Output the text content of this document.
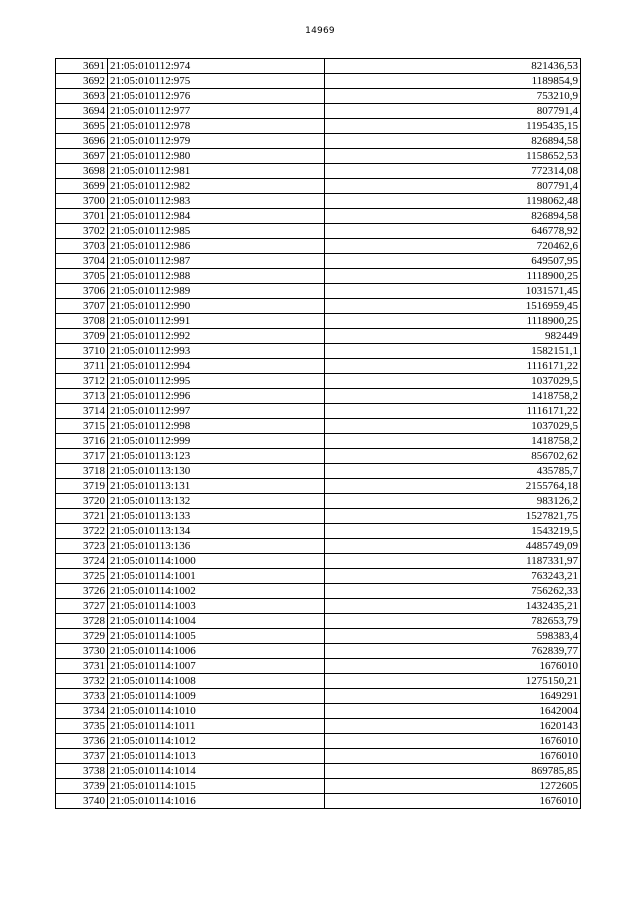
14969
3691	21:05:010112:974	821436,53
3692	21:05:010112:975	1189854,9
3693	21:05:010112:976	753210,9
3694	21:05:010112:977	807791,4
3695	21:05:010112:978	1195435,15
3696	21:05:010112:979	826894,58
3697	21:05:010112:980	1158652,53
3698	21:05:010112:981	772314,08
3699	21:05:010112:982	807791,4
3700	21:05:010112:983	1198062,48
3701	21:05:010112:984	826894,58
3702	21:05:010112:985	646778,92
3703	21:05:010112:986	720462,6
3704	21:05:010112:987	649507,95
3705	21:05:010112:988	1118900,25
3706	21:05:010112:989	1031571,45
3707	21:05:010112:990	1516959,45
3708	21:05:010112:991	1118900,25
3709	21:05:010112:992	982449
3710	21:05:010112:993	1582151,1
3711	21:05:010112:994	1116171,22
3712	21:05:010112:995	1037029,5
3713	21:05:010112:996	1418758,2
3714	21:05:010112:997	1116171,22
3715	21:05:010112:998	1037029,5
3716	21:05:010112:999	1418758,2
3717	21:05:010113:123	856702,62
3718	21:05:010113:130	435785,7
3719	21:05:010113:131	2155764,18
3720	21:05:010113:132	983126,2
3721	21:05:010113:133	1527821,75
3722	21:05:010113:134	1543219,5
3723	21:05:010113:136	4485749,09
3724	21:05:010114:1000	1187331,97
3725	21:05:010114:1001	763243,21
3726	21:05:010114:1002	756262,33
3727	21:05:010114:1003	1432435,21
3728	21:05:010114:1004	782653,79
3729	21:05:010114:1005	598383,4
3730	21:05:010114:1006	762839,77
3731	21:05:010114:1007	1676010
3732	21:05:010114:1008	1275150,21
3733	21:05:010114:1009	1649291
3734	21:05:010114:1010	1642004
3735	21:05:010114:1011	1620143
3736	21:05:010114:1012	1676010
3737	21:05:010114:1013	1676010
3738	21:05:010114:1014	869785,85
3739	21:05:010114:1015	1272605
3740	21:05:010114:1016	1676010
